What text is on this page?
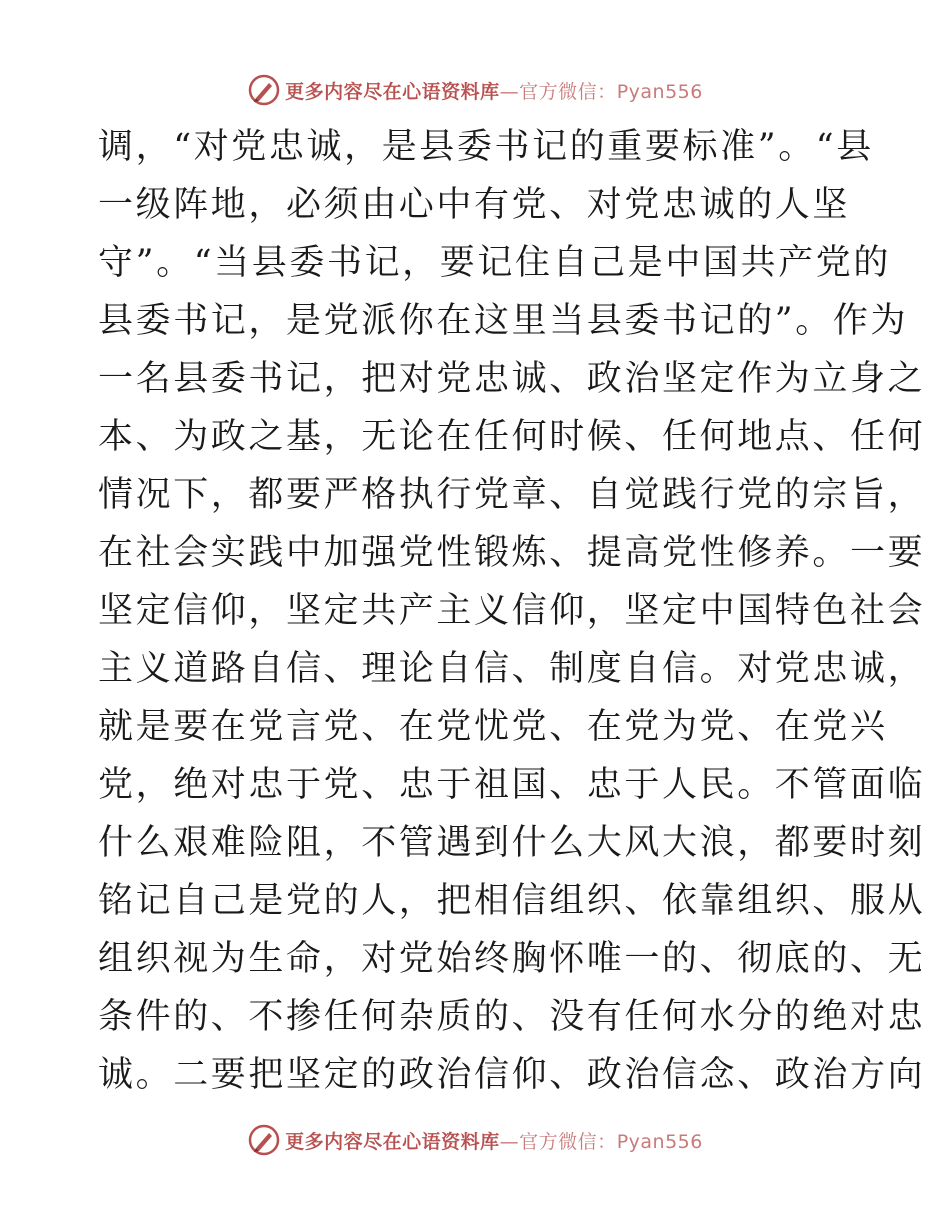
更多内容尽在心语资料库—官方微信：Pyan556
调，“对党忠诚，是县委书记的重要标准”。“县
一级阵地，必须由心中有党、对党忠诚的人坚
守”。“当县委书记，要记住自己是中国共产党的
县委书记，是党派你在这里当县委书记的”。作为
一名县委书记，把对党忠诚、政治坚定作为立身之
本、为政之基，无论在任何时候、任何地点、任何
情况下，都要严格执行党章、自觉践行党的宗旨，
在社会实践中加强党性锻炼、提高党性修养。一要
坚定信仰，坚定共产主义信仰，坚定中国特色社会
主义道路自信、理论自信、制度自信。对党忠诚，
就是要在党言党、在党忧党、在党为党、在党兴
党，绝对忠于党、忠于祖国、忠于人民。不管面临
什么艰难险阻，不管遇到什么大风大浪，都要时刻
铭记自己是党的人，把相信组织、依靠组织、服从
组织视为生命，对党始终胸怀唯一的、彻底的、无
条件的、不掺任何杂质的、没有任何水分的绝对忠
诚。二要把坚定的政治信仰、政治信念、政治方向
更多内容尽在心语资料库—官方微信：Pyan556
